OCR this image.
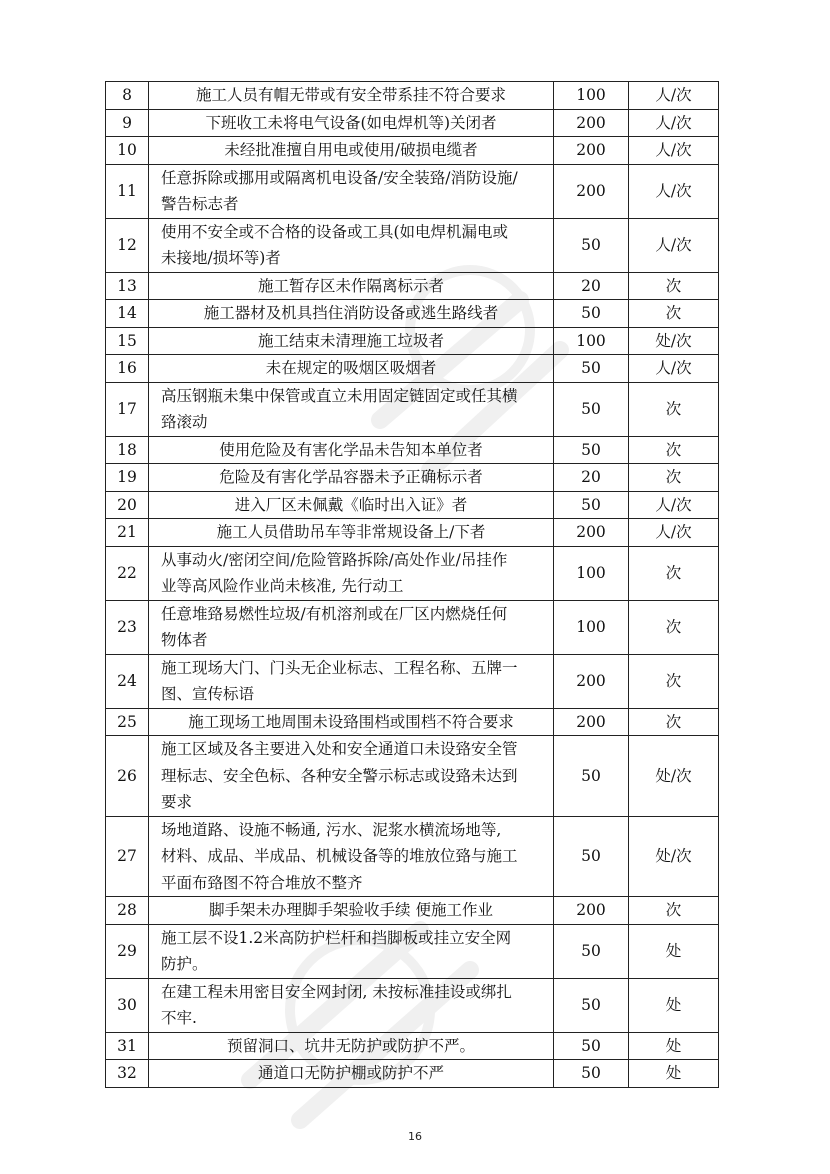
8	施工人员有帽无带或有安全带系挂不符合要求	100	人/次
9	下班收工未将电气设备(如电焊机等)关闭者	200	人/次
10	未经批准擅自用电或使用/破损电缆者	200	人/次
11	任意拆除或挪用或隔离机电设备/安全装臵/消防设施/
警告标志者	200	人/次
12	使用不安全或不合格的设备或工具(如电焊机漏电或
未接地/损坏等)者	50	人/次
13	施工暂存区未作隔离标示者	20	次
14	施工器材及机具挡住消防设备或逃生路线者	50	次
15	施工结束未清理施工垃圾者	100	处/次
16	未在规定的吸烟区吸烟者	50	人/次
17	高压钢瓶未集中保管或直立未用固定链固定或任其横
臵滚动	50	次
18	使用危险及有害化学品未告知本单位者	50	次
19	危险及有害化学品容器未予正确标示者	20	次
20	进入厂区未佩戴《临时出入证》者	50	人/次
21	施工人员借助吊车等非常规设备上/下者	200	人/次
22	从事动火/密闭空间/危险管路拆除/高处作业/吊挂作
业等高风险作业尚未核准, 先行动工	100	次
23	任意堆臵易燃性垃圾/有机溶剂或在厂区内燃烧任何
物体者	100	次
24	施工现场大门、门头无企业标志、工程名称、五牌一
图、宣传标语	200	次
25	施工现场工地周围未设臵围档或围档不符合要求	200	次
26	施工区域及各主要进入处和安全通道口未设臵安全管
理标志、安全色标、各种安全警示标志或设臵未达到
要求	50	处/次
27	场地道路、设施不畅通, 污水、泥浆水横流场地等,
材料、成品、半成品、机械设备等的堆放位臵与施工
平面布臵图不符合堆放不整齐	50	处/次
28	脚手架未办理脚手架验收手续 便施工作业	200	次
29	施工层不设1.2米高防护栏杆和挡脚板或挂立安全网
防护。	50	处
30	在建工程未用密目安全网封闭, 未按标准挂设或绑扎
不牢.	50	处
31	预留洞口、坑井无防护或防护不严。	50	处
32	通道口无防护棚或防护不严	50	处
16
